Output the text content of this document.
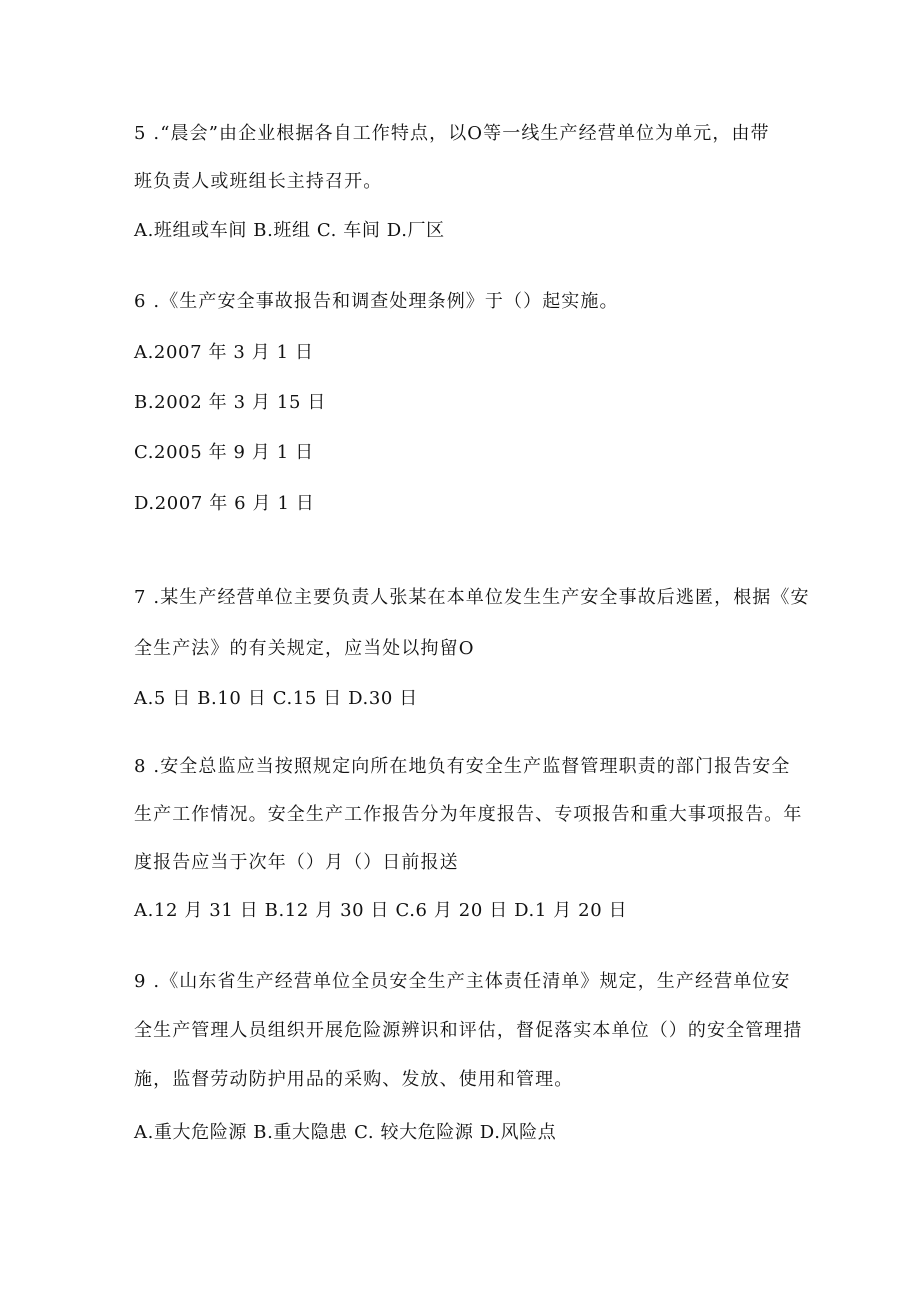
5 .“晨会”由企业根据各自工作特点，以O等一线生产经营单位为单元，由带
班负责人或班组长主持召开。
A.班组或车间 B.班组 C. 车间 D.厂区
6 .《生产安全事故报告和调查处理条例》于（）起实施。
A.2007 年 3 月 1 日
B.2002 年 3 月 15 日
C.2005 年 9 月 1 日
D.2007 年 6 月 1 日
7 .某生产经营单位主要负责人张某在本单位发生生产安全事故后逃匿，根据《安
全生产法》的有关规定，应当处以拘留O
A.5 日 B.10 日 C.15 日 D.30 日
8 .安全总监应当按照规定向所在地负有安全生产监督管理职责的部门报告安全
生产工作情况。安全生产工作报告分为年度报告、专项报告和重大事项报告。年
度报告应当于次年（）月（）日前报送
A.12 月 31 日 B.12 月 30 日 C.6 月 20 日 D.1 月 20 日
9 .《山东省生产经营单位全员安全生产主体责任清单》规定，生产经营单位安
全生产管理人员组织开展危险源辨识和评估，督促落实本单位（）的安全管理措
施，监督劳动防护用品的采购、发放、使用和管理。
A.重大危险源 B.重大隐患 C. 较大危险源 D.风险点
